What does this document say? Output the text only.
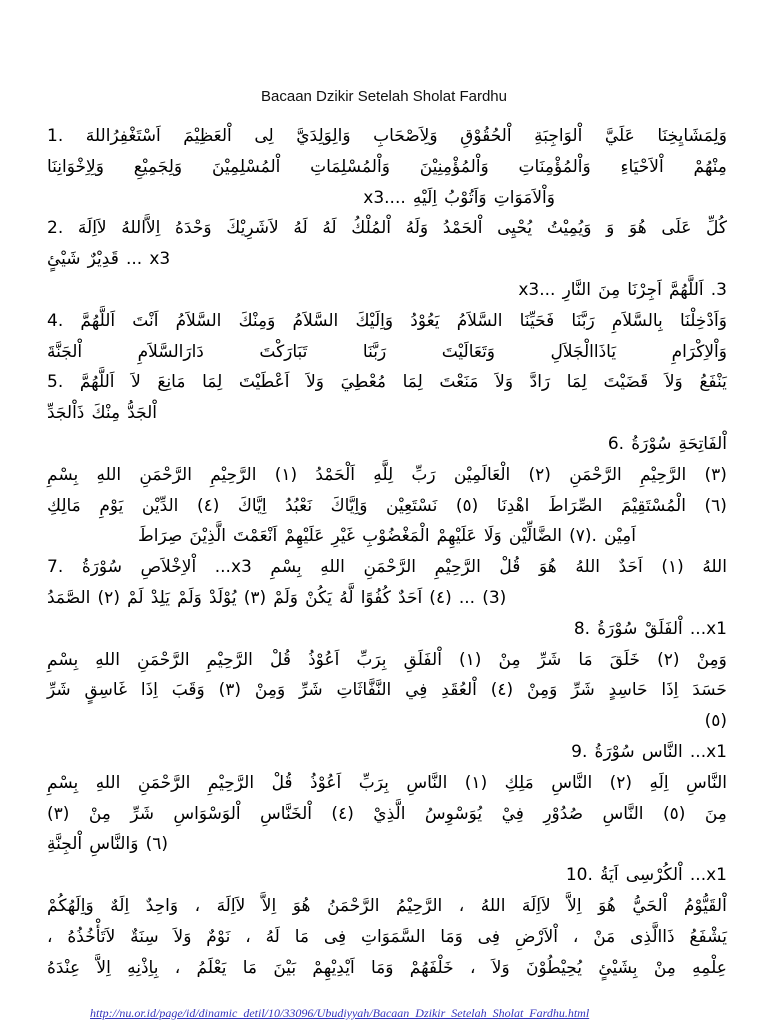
Bacaan Dzikir Setelah Sholat Fardhu
1. اَسْتَغْفِرُاللهَ اْلعَظِيْمَ لِى وَالِوَلِدَيَّ وَلِاَصْحَابِ اْلحُقُوْقِ اْلوَاجِبَةِ عَلَيَّ وَلِمَشَايِخِنَا
وَلِاِخْوَانِنَا وَلِجَمِيْعِ اْلمُسْلِمِيْنَ وَاْلمُسْلِمَاتِ وَاْلمُؤْمِنِيْنَ وَاْلمُؤْمِنَاتِ اْلاَحْيَاءِ مِنْهُمْ
x3.... اِلَيْهِ وَاَتُوْبُ وَاْلاَمَوَاتِ
2. لاَاِلَهَ اِلاَّاللهُ وَحْدَهُ لاَشَرِيْكَ لَهُ لَهُ اْلمُلْكُ وَلَهُ اْلحَمْدُ يُحْيِى وَيُمِيْتُ وَ هُوَ عَلَى كُلِّ
شَيْئٍ قَدِيْرٌ ... x3
x3... النَّارِ مِنَ اَجِرْنَا اَللَّهُمَّ .3
4. اَللَّهُمَّ اَنْتَ السَّلاَمُ وَمِنْكَ السَّلاَمُ وَاِلَيْكَ يَعُوْدُ السَّلاَمُ فَحَيِّنَا رَبَّنَا بِالسَّلاَمِ وَاَدْخِلْنَا
اْلجَنَّةَ	دَارَالسَّلاَمِ	تَبَارَكْتَ	رَبَّنَا	وَتَعَالَيْتَ	يَاذَاالْجَلاَلِ	وَاْلاِكْرَامِ
5. اَللَّهُمَّ لاَ مَانِعَ لِمَا اَعْطَيْتَ وَلاَ مُعْطِيَ لِمَا مَنَعْتَ وَلاَ رَادَّ لِمَا قَضَيْتَ وَلاَ يَنْفَعُ
ذَاْلجَدِّ مِنْكَ اْلجَدُّ
6. سُوْرَةُ اْلفَاتِحَةِ
بِسْمِ اللهِ الرَّحْمَنِ الرَّحِيْمِ (١) اَلْحَمْدُ لِلَّهِ رَبِّ الْعَالَمِيْن (٢) الرَّحْمَنِ الرَّحِيْمِ (٣)
مَالِكِ يَوْمِ الدِّيْن (٤) اِيَّاكَ نَعْبُدُ وَاِيَّاكَ نَسْتَعِيْن (٥) اهْدِنَا الصِّرَاطَ الْمُسْتَقِيْمَ (٦)
صِرَاطَ الَّذِيْنَ اَنْعَمْتَ عَلَيْهِمْ غَيْرِ الْمَغْضُوْبِ عَلَيْهِمْ وَلَا الضَّالِّيْن (٧). اَمِيْن
7. سُوْرَةُ اْلاِخْلاَصِ ...x3 بِسْمِ اللهِ الرَّحْمَنِ الرَّحِيْمِ قُلْ هُوَ اللهُ اَحَدٌ (١) اللهُ
الصَّمَدُ (٢) لَمْ يَلِدْ وَلَمْ يُوْلَدْ (٣) وَلَمْ يَكُنْ لَّهُ كُفُوًا اَحَدٌ (٤) ... (3)
8. سُوْرَةُ اْلفَلَقْ ...x1
بِسْمِ اللهِ الرَّحْمَنِ الرَّحِيْمِ قُلْ اَعُوْذُ بِرَبِّ اْلفَلَقِ (١) مِنْ شَرِّ مَا خَلَقَ (٢) وَمِنْ
شَرِّ غَاسِقٍ اِذَا وَقَبَ (٣) وَمِنْ شَرِّ النَّفَّاثَاتِ فِي اْلعُقَدِ (٤) وَمِنْ شَرِّ حَاسِدٍ اِذَا حَسَدَ
(٥)
9. سُوْرَةُ النَّاس ...x1
بِسْمِ اللهِ الرَّحْمَنِ الرَّحِيْمِ قُلْ اَعُوْذُ بِرَبِّ النَّاسِ (١) مَلِكِ النَّاسِ (٢) اِلَهِ النَّاسِ
(٣) مِنْ شَرِّ اْلوَسْوَاسِ اْلخَنَّاسِ (٤) الَّذِيْ يُوَسْوِسُ فِيْ صُدُوْرِ النَّاسِ (٥) مِنَ
اْلجِنَّةِ وَالنَّاسِ (٦)
10. اَيَةُ اْلكُرْسِى ...x1
وَاِلَهُكُمْ اِلَهٌ وَاحِدٌ ، لاَاِلَهَ اِلاَّ هُوَ الرَّحْمَنُ الرَّحِيْمُ ، اللهُ لاَاِلَهَ اِلاَّ هُوَ اْلحَيُّ اْلقَيُّوْمُ
، لاَتَأْخُذُهُ سِنَةٌ وَلاَ نَوْمٌ ، لَهُ مَا فِى السَّمَوَاتِ وَمَا فِى اْلاَرْضِ ، مَنْ ذَاالَّذِى يَشْفَعُ
عِنْدَهُ اِلاَّ بِاِذْنِهِ ، يَعْلَمُ مَا بَيْنَ اَيْدِيْهِمْ وَمَا خَلْفَهُمْ ، وَلاَ يُحِيْطُوْنَ بِشَيْئٍ مِنْ عِلْمِهِ
http://nu.or.id/page/id/dinamic_detil/10/33096/Ubudiyyah/Bacaan_Dzikir_Setelah_Sholat_Fardhu.html
